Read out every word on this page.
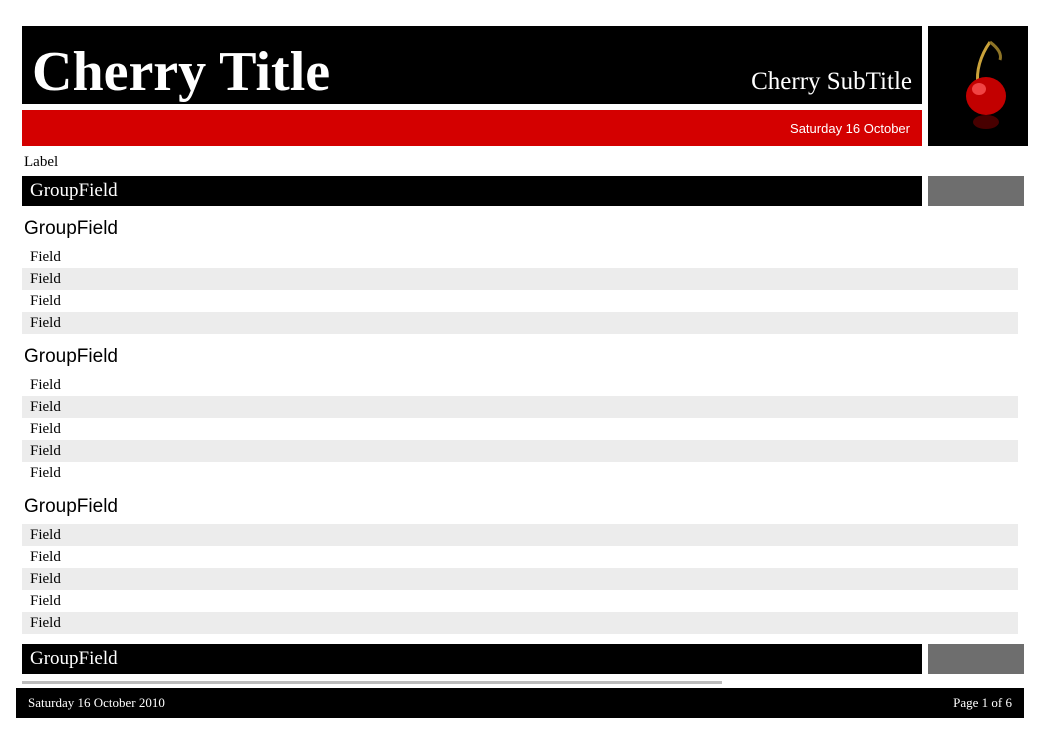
Cherry Title	Cherry SubTitle
Saturday 16 October
Label
GroupField
GroupField
Field
Field
Field
Field
GroupField
Field
Field
Field
Field
Field
GroupField
Field
Field
Field
Field
Field
GroupField
Saturday 16 October 2010	Page 1 of 6
